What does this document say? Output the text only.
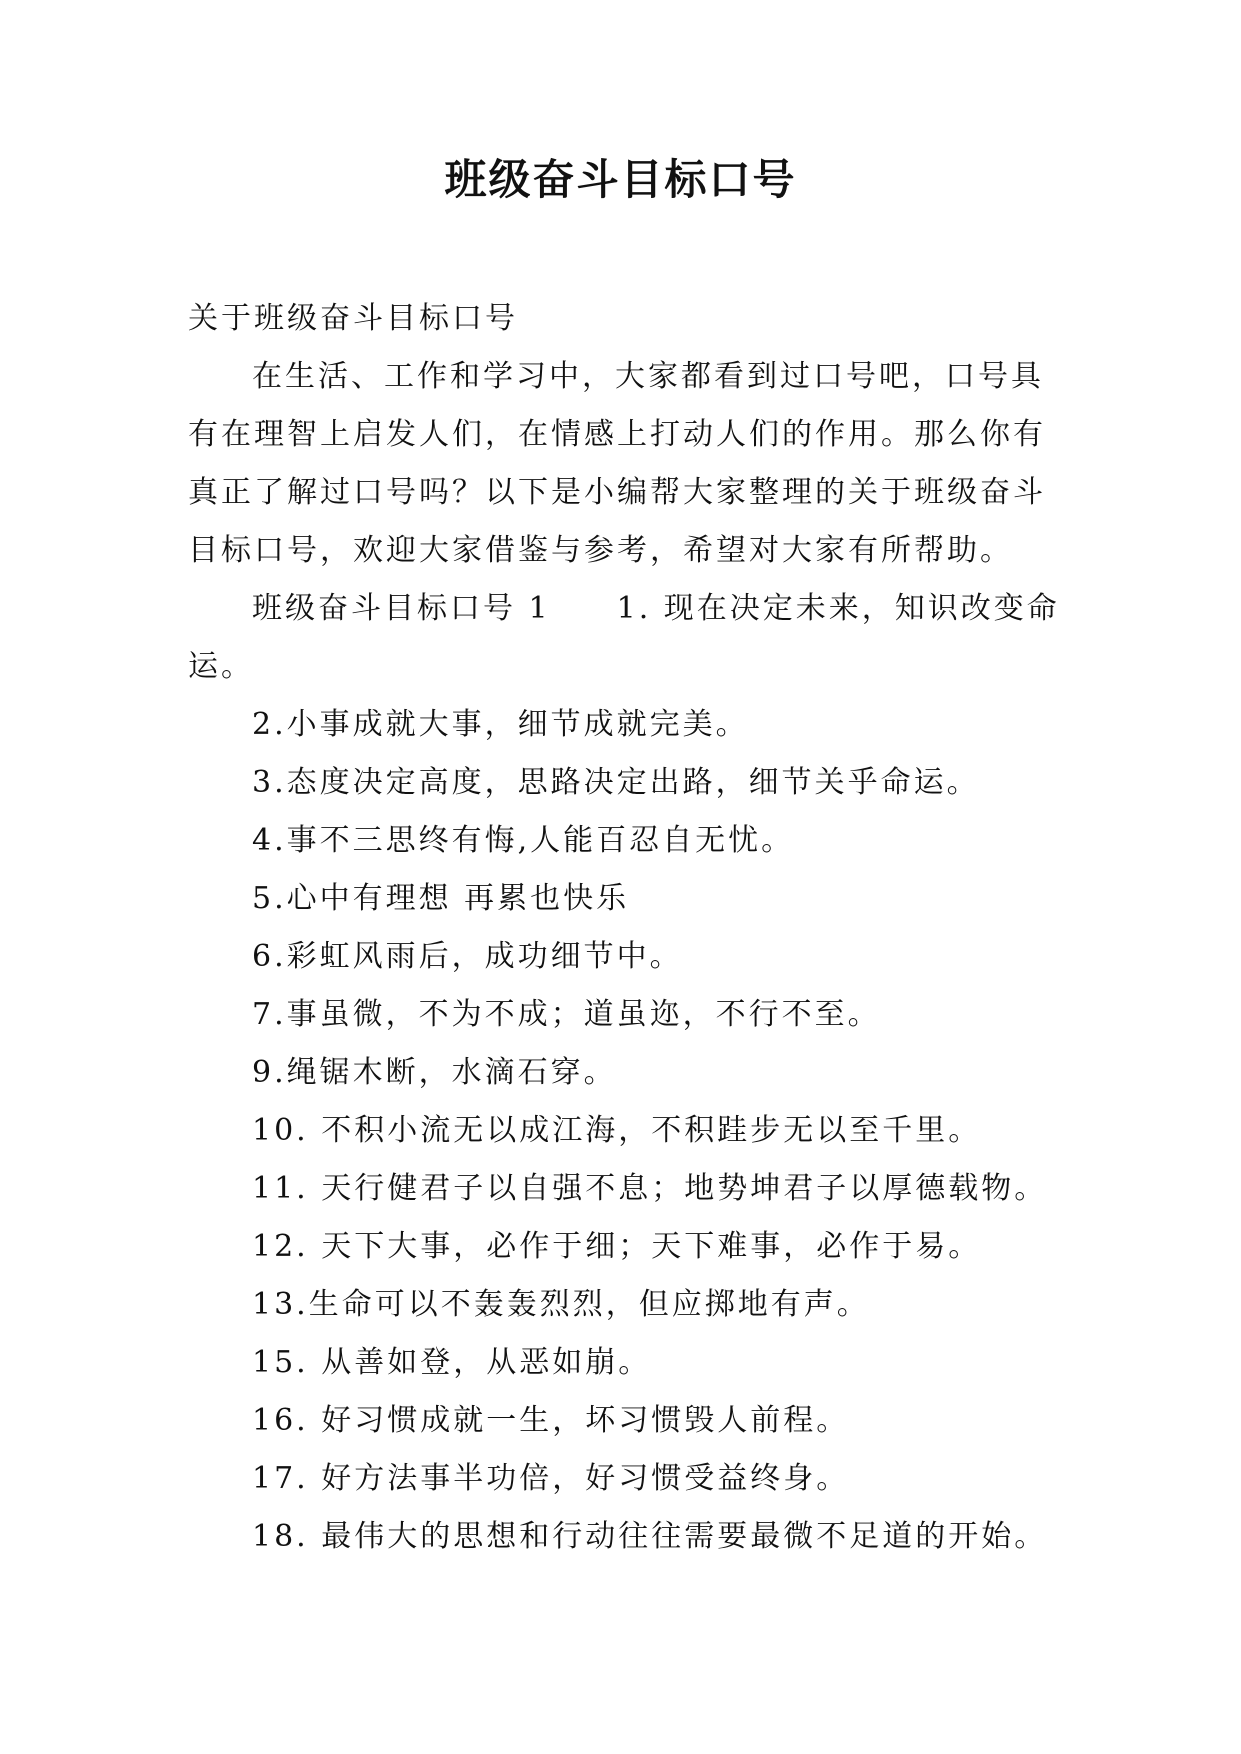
班级奋斗目标口号

关于班级奋斗目标口号

在生活、工作和学习中，大家都看到过口号吧，口号具有在理智上启发人们，在情感上打动人们的作用。那么你有真正了解过口号吗？以下是小编帮大家整理的关于班级奋斗目标口号，欢迎大家借鉴与参考，希望对大家有所帮助。

班级奋斗目标口号 1　　1. 现在决定未来，知识改变命运。

2.小事成就大事，细节成就完美。

3.态度决定高度，思路决定出路，细节关乎命运。

4.事不三思终有悔,人能百忍自无忧。

5.心中有理想 再累也快乐

6.彩虹风雨后，成功细节中。

7.事虽微，不为不成；道虽迩，不行不至。

9.绳锯木断，水滴石穿。

10. 不积小流无以成江海，不积跬步无以至千里。

11. 天行健君子以自强不息；地势坤君子以厚德载物。

12. 天下大事，必作于细；天下难事，必作于易。

13.生命可以不轰轰烈烈，但应掷地有声。

15. 从善如登，从恶如崩。

16. 好习惯成就一生，坏习惯毁人前程。

17. 好方法事半功倍，好习惯受益终身。

18. 最伟大的思想和行动往往需要最微不足道的开始。
